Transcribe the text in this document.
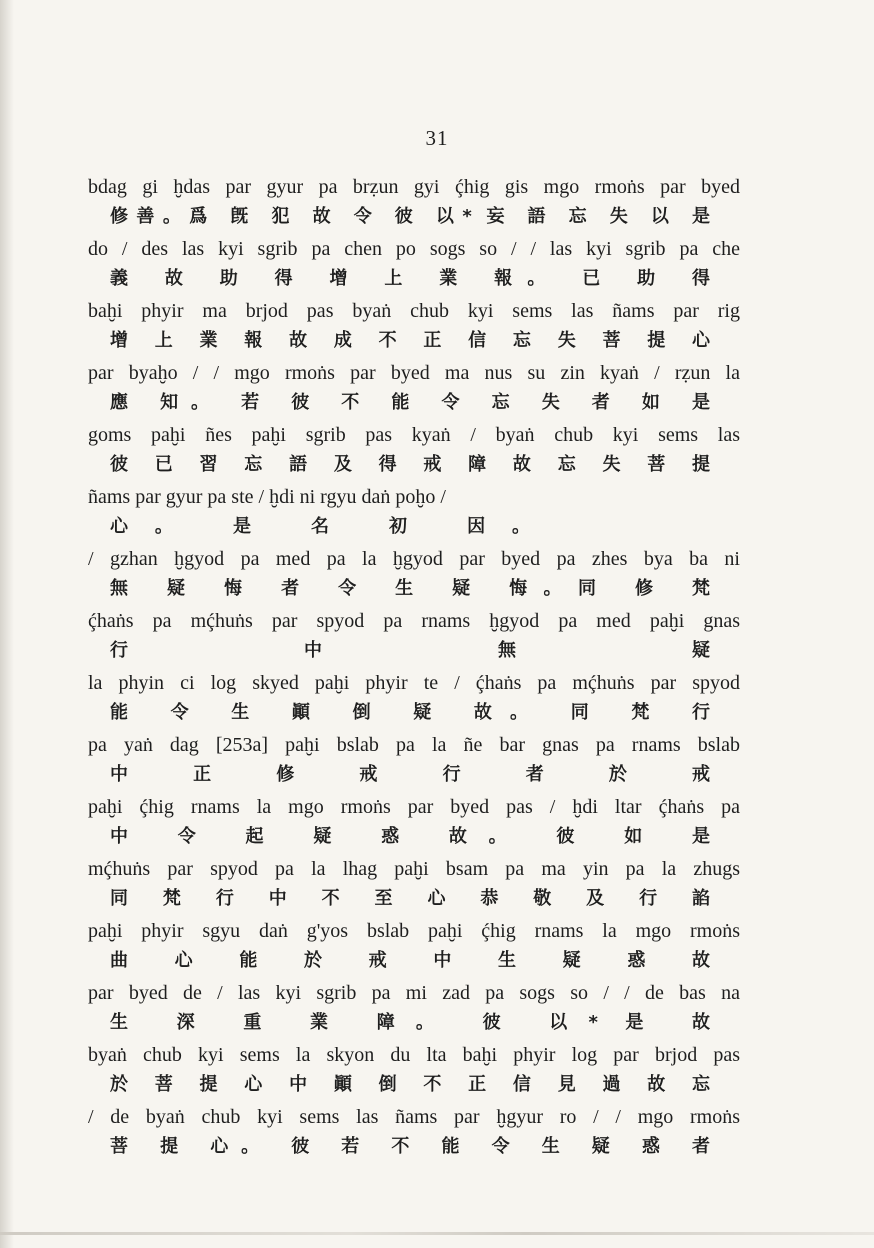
31
bdag gi ḫdas par gyur pa brẓun gyi ḉhig gis mgo rmoṅs par byed
修善。爲 旣 犯 故 令 彼 以* 妄 語 忘 失 以 是
do / des las kyi sgrib pa chen po sogs so / / las kyi sgrib pa che
義 故 助 得 增 上 業 報。 已 助 得
baḫi phyir ma brjod pas byaṅ chub kyi sems las ñams par rig
增 上 業 報 故 成 不 正 信 忘 失 菩 提 心
par byaḫo / / mgo rmoṅs par byed ma nus su zin kyaṅ / rẓun la
應 知。 若 彼 不 能 令 忘 失 者 如 是
goms paḫi ñes paḫi sgrib pas kyaṅ / byaṅ chub kyi sems las
彼 已 習 忘 語 及 得 戒 障 故 忘 失 菩 提
ñams par gyur pa ste / ḫdi ni rgyu daṅ poḫo /
心。 是 名 初 因。
/ gzhan ḫgyod pa med pa la ḫgyod par byed pa zhes bya ba ni
無 疑 悔 者 令 生 疑 悔。同 修 梵
ḉhaṅs pa mḉhuṅs par spyod pa rnams ḫgyod pa med paḫi gnas
行 中 無 疑
la phyin ci log skyed paḫi phyir te / ḉhaṅs pa mḉhuṅs par spyod
能 令 生 顚 倒 疑 故。 同 梵 行
pa yaṅ dag [253a] paḫi bslab pa la ñe bar gnas pa rnams bslab
中 正 修 戒 行 者 於 戒
paḫi ḉhig rnams la mgo rmoṅs par byed pas / ḫdi ltar ḉhaṅs pa
中 令 起 疑 惑 故。 彼 如 是
mḉhuṅs par spyod pa la lhag paḫi bsam pa ma yin pa la zhugs
同 梵 行 中 不 至 心 恭 敬 及 行 諂
paḫi phyir sgyu daṅ g'yos bslab paḫi ḉhig rnams la mgo rmoṅs
曲 心 能 於 戒 中 生 疑 惑 故
par byed de / las kyi sgrib pa mi zad pa sogs so / / de bas na
生 深 重 業 障。 彼 以* 是 故
byaṅ chub kyi sems la skyon du lta baḫi phyir log par brjod pas
於 菩 提 心 中 顚 倒 不 正 信 見 過 故 忘
/ de byaṅ chub kyi sems las ñams par ḫgyur ro / / mgo rmoṅs
菩 提 心。 彼 若 不 能 令 生 疑 惑 者
